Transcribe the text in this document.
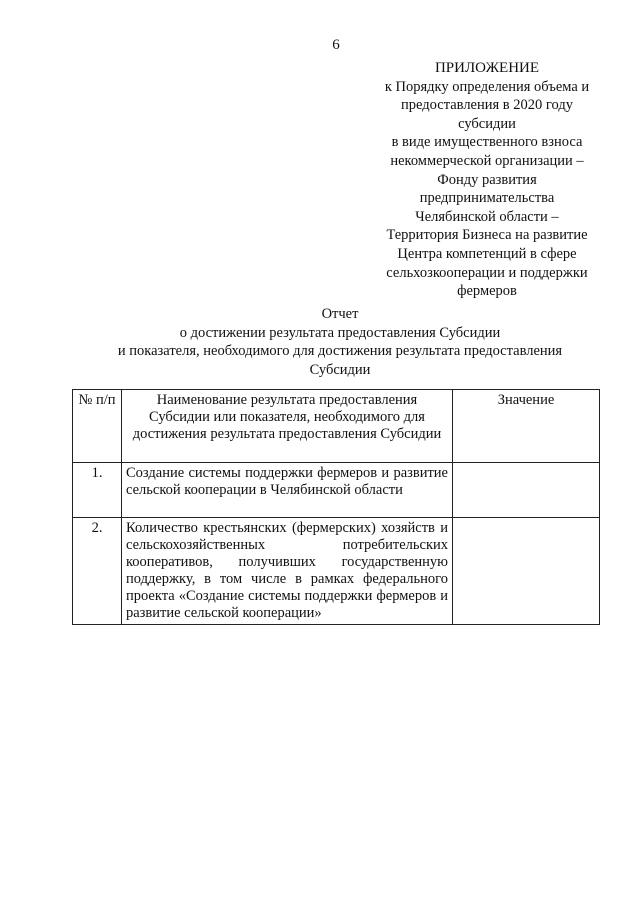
6
ПРИЛОЖЕНИЕ
к Порядку определения объема и
предоставления в 2020 году
субсидии
в виде имущественного взноса
некоммерческой организации –
Фонду развития
предпринимательства
Челябинской области –
Территория Бизнеса на развитие
Центра компетенций в сфере
сельхозкооперации и поддержки
фермеров
Отчет
о достижении результата предоставления Субсидии
и показателя, необходимого для достижения результата предоставления
Субсидии
№ п/п	Наименование результата предоставления Субсидии или показателя, необходимого для достижения результата предоставления Субсидии	Значение
1.	Создание системы поддержки фермеров и развитие сельской кооперации в Челябинской области	
2.	Количество крестьянских (фермерских) хозяйств и сельскохозяйственных потребительских кооперативов, получивших государственную поддержку, в том числе в рамках федерального проекта «Создание системы поддержки фермеров и развитие сельской кооперации»	
